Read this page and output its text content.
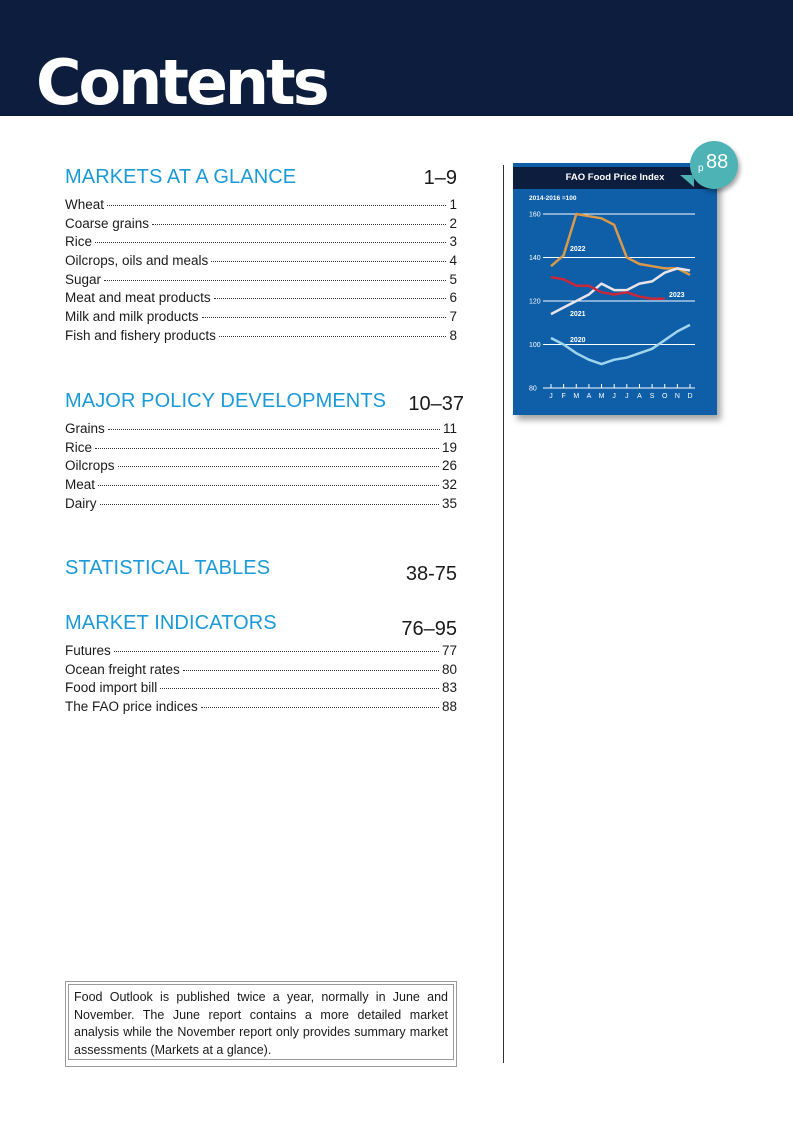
Contents
MARKETS AT A GLANCE	1–9
Wheat	1
Coarse grains	2
Rice	3
Oilcrops, oils and meals	4
Sugar	5
Meat and meat products	6
Milk and milk products	7
Fish and fishery products	8
MAJOR POLICY DEVELOPMENTS 10–37
Grains	11
Rice	19
Oilcrops	26
Meat	32
Dairy	35
STATISTICAL TABLES	38-75
MARKET INDICATORS	76–95
Futures	77
Ocean freight rates	80
Food import bill	83
The FAO price indices	88
Food Outlook is published twice a year, normally in June and November. The June report contains a more detailed market analysis while the November report only provides summary market assessments (Markets at a glance).
FAO Food Price Index
2014-2016 =100
80
100
120
140
160
J F M A M J J A S O N D
2022
2021
2020
2023
p 88
